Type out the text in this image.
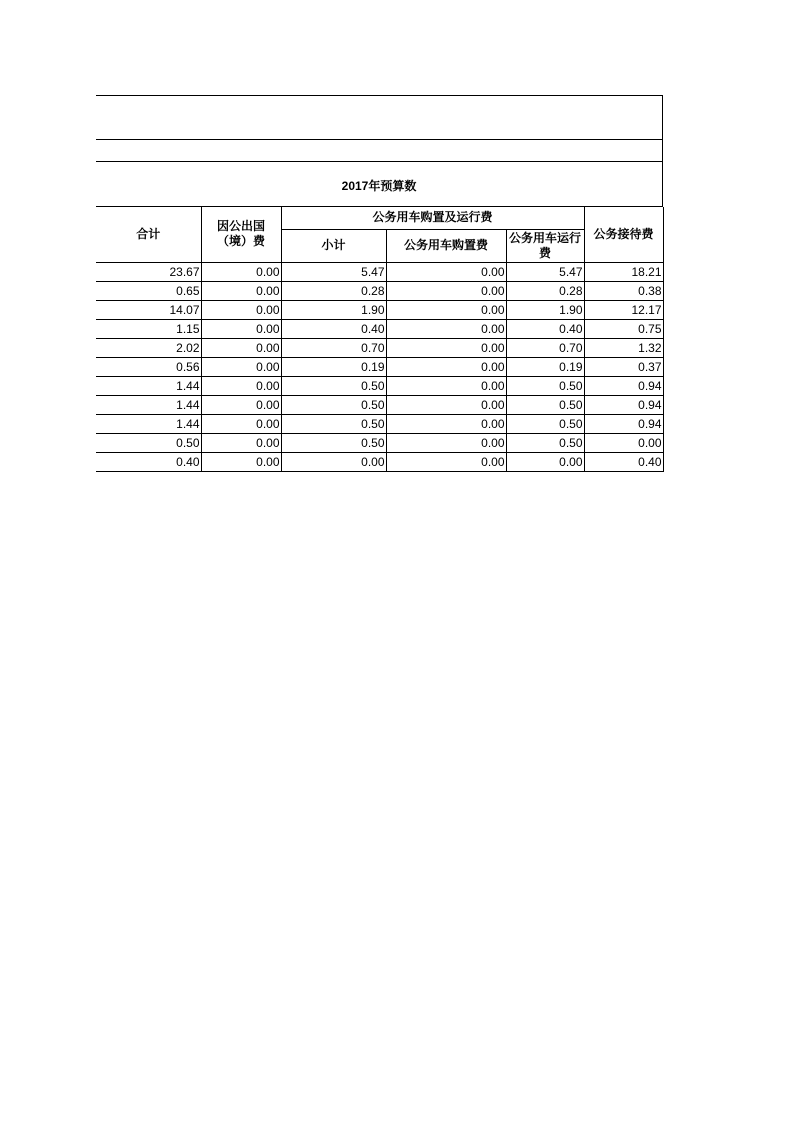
2017年预算数
合计	因公出国（境）费	公务用车购置及运行费			公务接待费
		小计	公务用车购置费	公务用车运行费	
23.67	0.00	5.47	0.00	5.47	18.21
0.65	0.00	0.28	0.00	0.28	0.38
14.07	0.00	1.90	0.00	1.90	12.17
1.15	0.00	0.40	0.00	0.40	0.75
2.02	0.00	0.70	0.00	0.70	1.32
0.56	0.00	0.19	0.00	0.19	0.37
1.44	0.00	0.50	0.00	0.50	0.94
1.44	0.00	0.50	0.00	0.50	0.94
1.44	0.00	0.50	0.00	0.50	0.94
0.50	0.00	0.50	0.00	0.50	0.00
0.40	0.00	0.00	0.00	0.00	0.40
